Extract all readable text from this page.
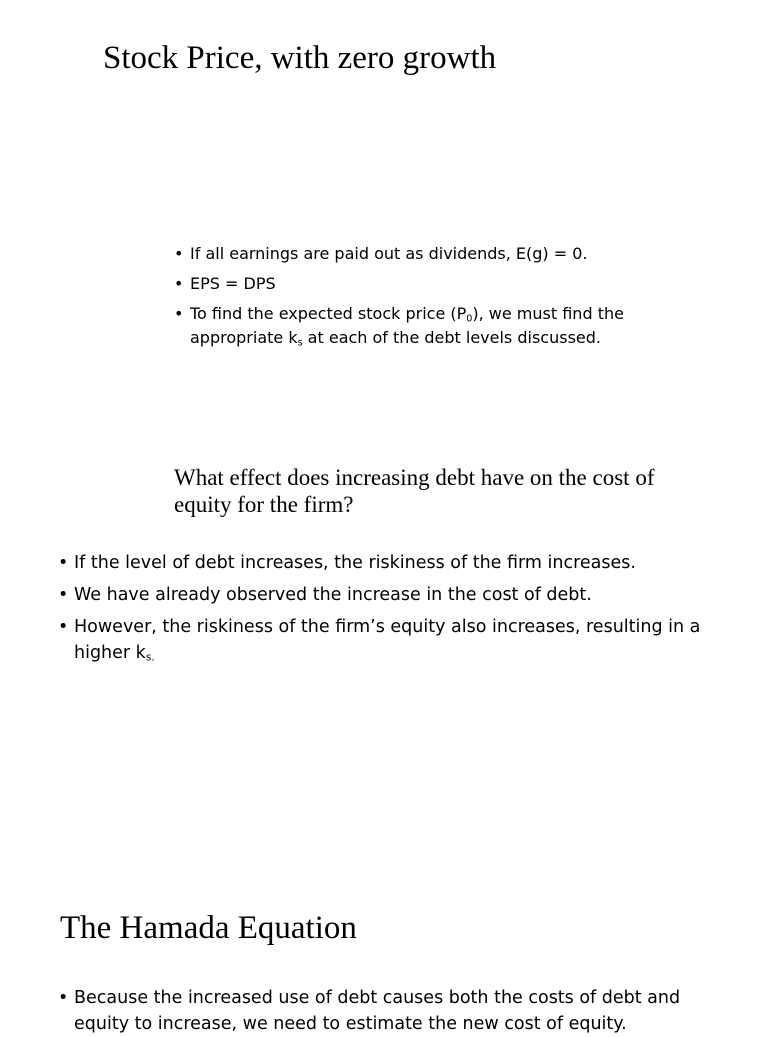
Stock Price, with zero growth
• If all earnings are paid out as dividends, E(g) = 0.
• EPS = DPS
• To find the expected stock price $(P_0)$, we must find the appropriate $k_s$ at each of the debt levels discussed.
What effect does increasing debt have on the cost of equity for the firm?
• If the level of debt increases, the riskiness of the firm increases.
• We have already observed the increase in the cost of debt.
• However, the riskiness of the firm’s equity also increases, resulting in a higher $k_{s.}$
The Hamada Equation
• Because the increased use of debt causes both the costs of debt and equity to increase, we need to estimate the new cost of equity.
